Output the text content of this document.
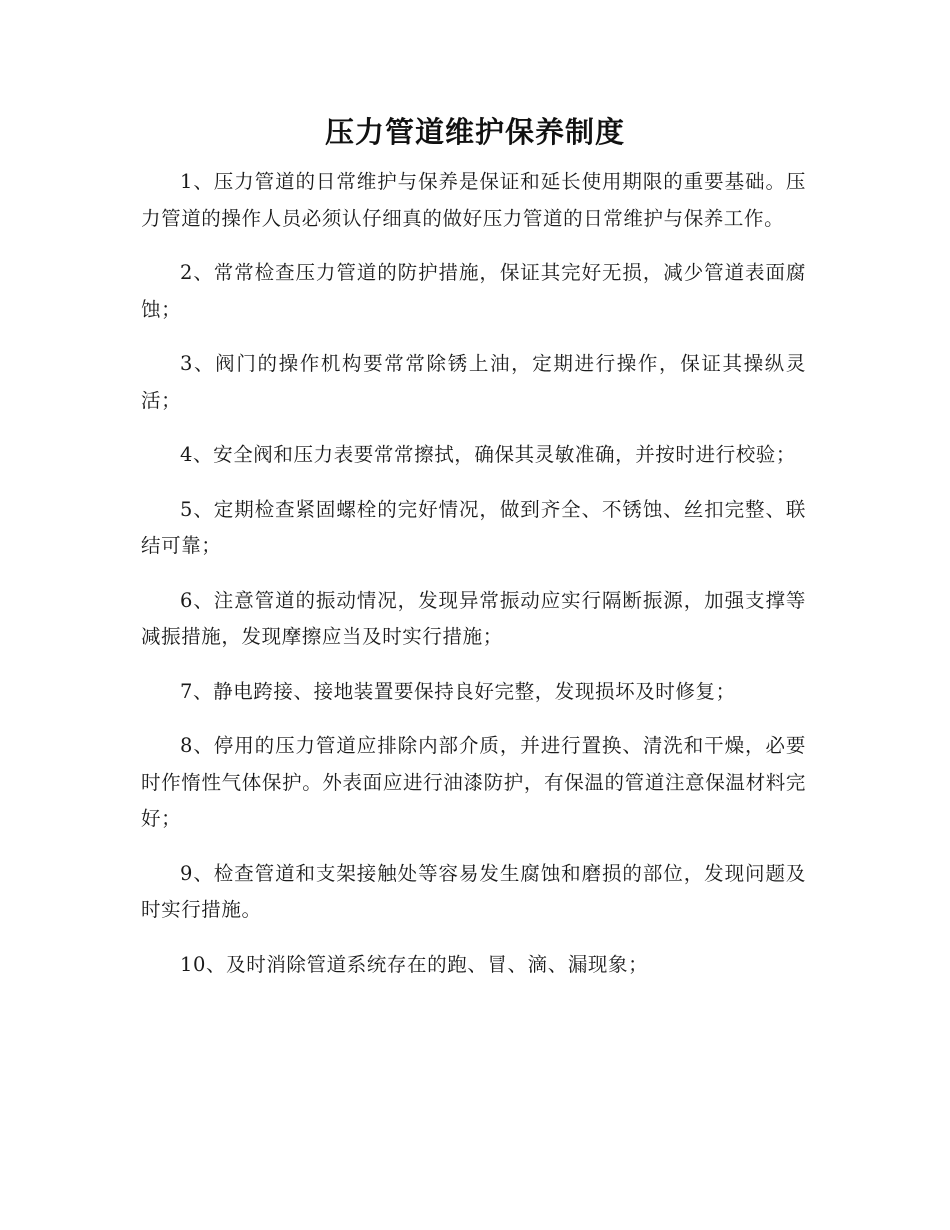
压力管道维护保养制度

1、压力管道的日常维护与保养是保证和延长使用期限的重要基础。压力管道的操作人员必须认仔细真的做好压力管道的日常维护与保养工作。

2、常常检查压力管道的防护措施，保证其完好无损，减少管道表面腐蚀；

3、阀门的操作机构要常常除锈上油，定期进行操作，保证其操纵灵活；

4、安全阀和压力表要常常擦拭，确保其灵敏准确，并按时进行校验；

5、定期检查紧固螺栓的完好情况，做到齐全、不锈蚀、丝扣完整、联结可靠；

6、注意管道的振动情况，发现异常振动应实行隔断振源，加强支撑等减振措施，发现摩擦应当及时实行措施；

7、静电跨接、接地装置要保持良好完整，发现损坏及时修复；

8、停用的压力管道应排除内部介质，并进行置换、清洗和干燥，必要时作惰性气体保护。外表面应进行油漆防护，有保温的管道注意保温材料完好；

9、检查管道和支架接触处等容易发生腐蚀和磨损的部位，发现问题及时实行措施。

10、及时消除管道系统存在的跑、冒、滴、漏现象；
